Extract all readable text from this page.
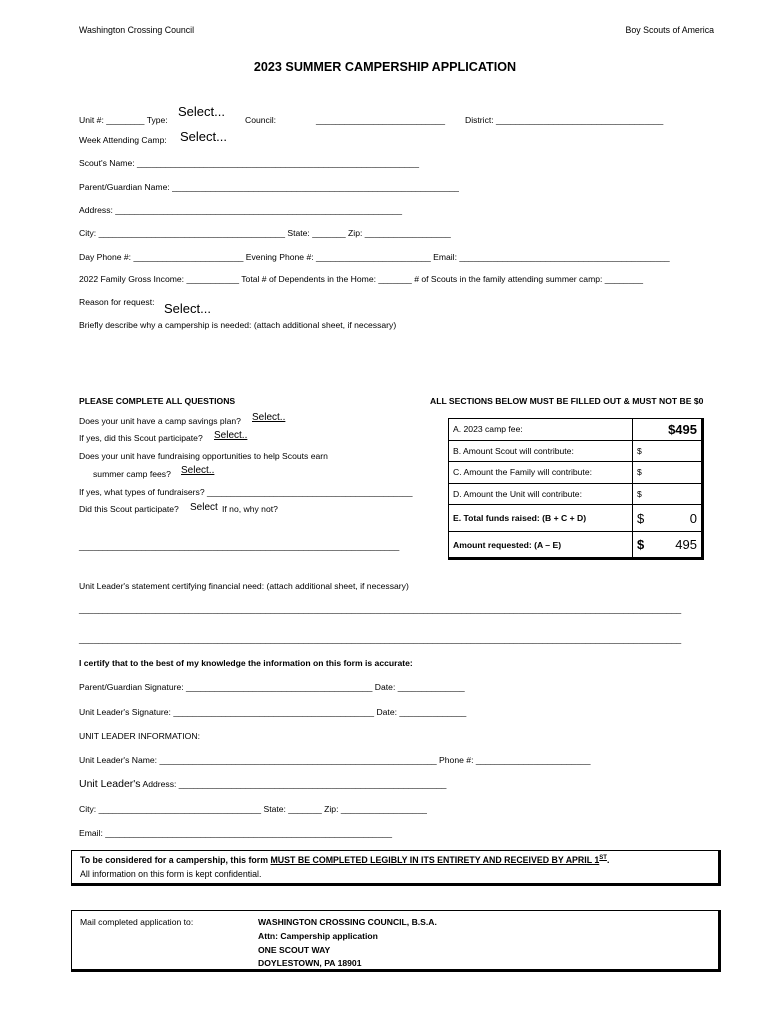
Washington Crossing Council	Boy Scouts of America
2023 SUMMER CAMPERSHIP APPLICATION
Unit #: ________ Type:
Select...
Council:	___________________________ District: ___________________________________
Week Attending Camp: Select...
Scout's Name: ___________________________________________________________
Parent/Guardian Name: ____________________________________________________________
Address: ____________________________________________________________
City: _______________________________________ State: _______ Zip: __________________
Day Phone #: _______________________ Evening Phone #: ________________________ Email: ____________________________________________
2022 Family Gross Income: ___________ Total # of Dependents in the Home: _______ # of Scouts in the family attending summer camp: ________
Reason for request: Select...
Briefly describe why a campership is needed: (attach additional sheet, if necessary)
PLEASE COMPLETE ALL QUESTIONS
Does your unit have a camp savings plan? Select..
If yes, did this Scout participate? Select..
Does your unit have fundraising opportunities to help Scouts earn
summer camp fees? Select..
If yes, what types of fundraisers? ___________________________________________
Did this Scout participate? Select If no, why not?
___________________________________________________________________
ALL SECTIONS BELOW MUST BE FILLED OUT & MUST NOT BE $0
A. 2023 camp fee:	$495

B. Amount Scout will contribute:	$
C. Amount the Family will contribute:	$
D. Amount the Unit will contribute:	$
E. Total funds raised: (B + C + D)	$ 0

Amount requested: (A – E)	$ 495
Unit Leader's statement certifying financial need: (attach additional sheet, if necessary)
______________________________________________________________________________________________________________________________
______________________________________________________________________________________________________________________________
I certify that to the best of my knowledge the information on this form is accurate:
Parent/Guardian Signature: _______________________________________ Date: ______________
Unit Leader's Signature: __________________________________________ Date: ______________
UNIT LEADER INFORMATION:
Unit Leader's Name: __________________________________________________________ Phone #: ________________________
Unit Leader's Address: ________________________________________________________
City: __________________________________ State: _______ Zip: __________________
Email: ____________________________________________________________
To be considered for a campership, this form MUST BE COMPLETED LEGIBLY IN ITS ENTIRETY AND RECEIVED BY APRIL 1ST.
All information on this form is kept confidential.
Mail completed application to:	WASHINGTON CROSSING COUNCIL, B.S.A.
Attn: Campership application
ONE SCOUT WAY
DOYLESTOWN, PA 18901
